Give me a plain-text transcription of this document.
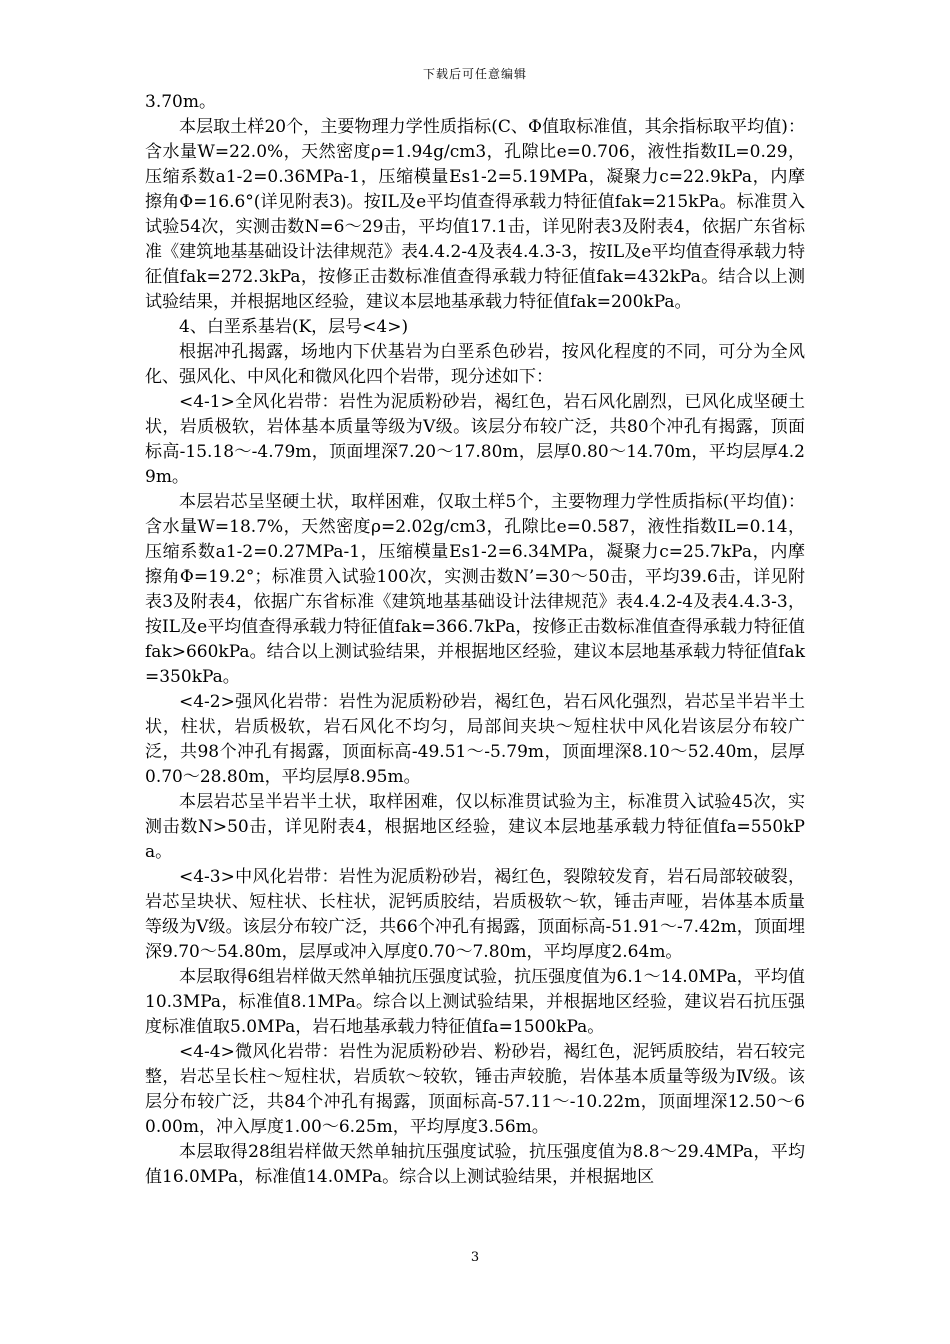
下载后可任意编辑

3.70m。

本层取土样20个，主要物理力学性质指标(C、Φ值取标准值，其余指标取平均值)：含水量W=22.0%，天然密度ρ=1.94g/cm3，孔隙比e=0.706，液性指数IL=0.29，压缩系数a1-2=0.36MPa-1，压缩模量Es1-2=5.19MPa，凝聚力c=22.9kPa，内摩擦角Φ=16.6°(详见附表3)。按IL及e平均值查得承载力特征值fak=215kPa。标准贯入试验54次，实测击数N=6～29击，平均值17.1击，详见附表3及附表4，依据广东省标准《建筑地基基础设计法律规范》表4.4.2-4及表4.4.3-3，按IL及e平均值查得承载力特征值fak=272.3kPa，按修正击数标准值查得承载力特征值fak=432kPa。结合以上测试验结果，并根据地区经验，建议本层地基承载力特征值fak=200kPa。

4、白垩系基岩(K，层号<4>)

根据冲孔揭露，场地内下伏基岩为白垩系色砂岩，按风化程度的不同，可分为全风化、强风化、中风化和微风化四个岩带，现分述如下：

<4-1>全风化岩带：岩性为泥质粉砂岩，褐红色，岩石风化剧烈，已风化成坚硬土状，岩质极软，岩体基本质量等级为Ⅴ级。该层分布较广泛，共80个冲孔有揭露，顶面标高-15.18～-4.79m，顶面埋深7.20～17.80m，层厚0.80～14.70m，平均层厚4.29m。

本层岩芯呈坚硬土状，取样困难，仅取土样5个，主要物理力学性质指标(平均值)：含水量W=18.7%，天然密度ρ=2.02g/cm3，孔隙比e=0.587，液性指数IL=0.14，压缩系数a1-2=0.27MPa-1，压缩模量Es1-2=6.34MPa，凝聚力c=25.7kPa，内摩擦角Φ=19.2°；标准贯入试验100次，实测击数N’=30～50击，平均39.6击，详见附表3及附表4，依据广东省标准《建筑地基基础设计法律规范》表4.4.2-4及表4.4.3-3，按IL及e平均值查得承载力特征值fak=366.7kPa，按修正击数标准值查得承载力特征值fak>660kPa。结合以上测试验结果，并根据地区经验，建议本层地基承载力特征值fak=350kPa。

<4-2>强风化岩带：岩性为泥质粉砂岩，褐红色，岩石风化强烈，岩芯呈半岩半土状，柱状，岩质极软，岩石风化不均匀，局部间夹块～短柱状中风化岩该层分布较广泛，共98个冲孔有揭露，顶面标高-49.51～-5.79m，顶面埋深8.10～52.40m，层厚0.70～28.80m，平均层厚8.95m。

本层岩芯呈半岩半土状，取样困难，仅以标准贯试验为主，标准贯入试验45次，实测击数N>50击，详见附表4，根据地区经验，建议本层地基承载力特征值fa=550kPa。

<4-3>中风化岩带：岩性为泥质粉砂岩，褐红色，裂隙较发育，岩石局部较破裂，岩芯呈块状、短柱状、长柱状，泥钙质胶结，岩质极软～软，锤击声哑，岩体基本质量等级为Ⅴ级。该层分布较广泛，共66个冲孔有揭露，顶面标高-51.91～-7.42m，顶面埋深9.70～54.80m，层厚或冲入厚度0.70～7.80m，平均厚度2.64m。

本层取得6组岩样做天然单轴抗压强度试验，抗压强度值为6.1～14.0MPa，平均值10.3MPa，标准值8.1MPa。综合以上测试验结果，并根据地区经验，建议岩石抗压强度标准值取5.0MPa，岩石地基承载力特征值fa=1500kPa。

<4-4>微风化岩带：岩性为泥质粉砂岩、粉砂岩，褐红色，泥钙质胶结，岩石较完整，岩芯呈长柱～短柱状，岩质软～较软，锤击声较脆，岩体基本质量等级为Ⅳ级。该层分布较广泛，共84个冲孔有揭露，顶面标高-57.11～-10.22m，顶面埋深12.50～60.00m，冲入厚度1.00～6.25m，平均厚度3.56m。

本层取得28组岩样做天然单轴抗压强度试验，抗压强度值为8.8～29.4MPa，平均值16.0MPa，标准值14.0MPa。综合以上测试验结果，并根据地区

3
